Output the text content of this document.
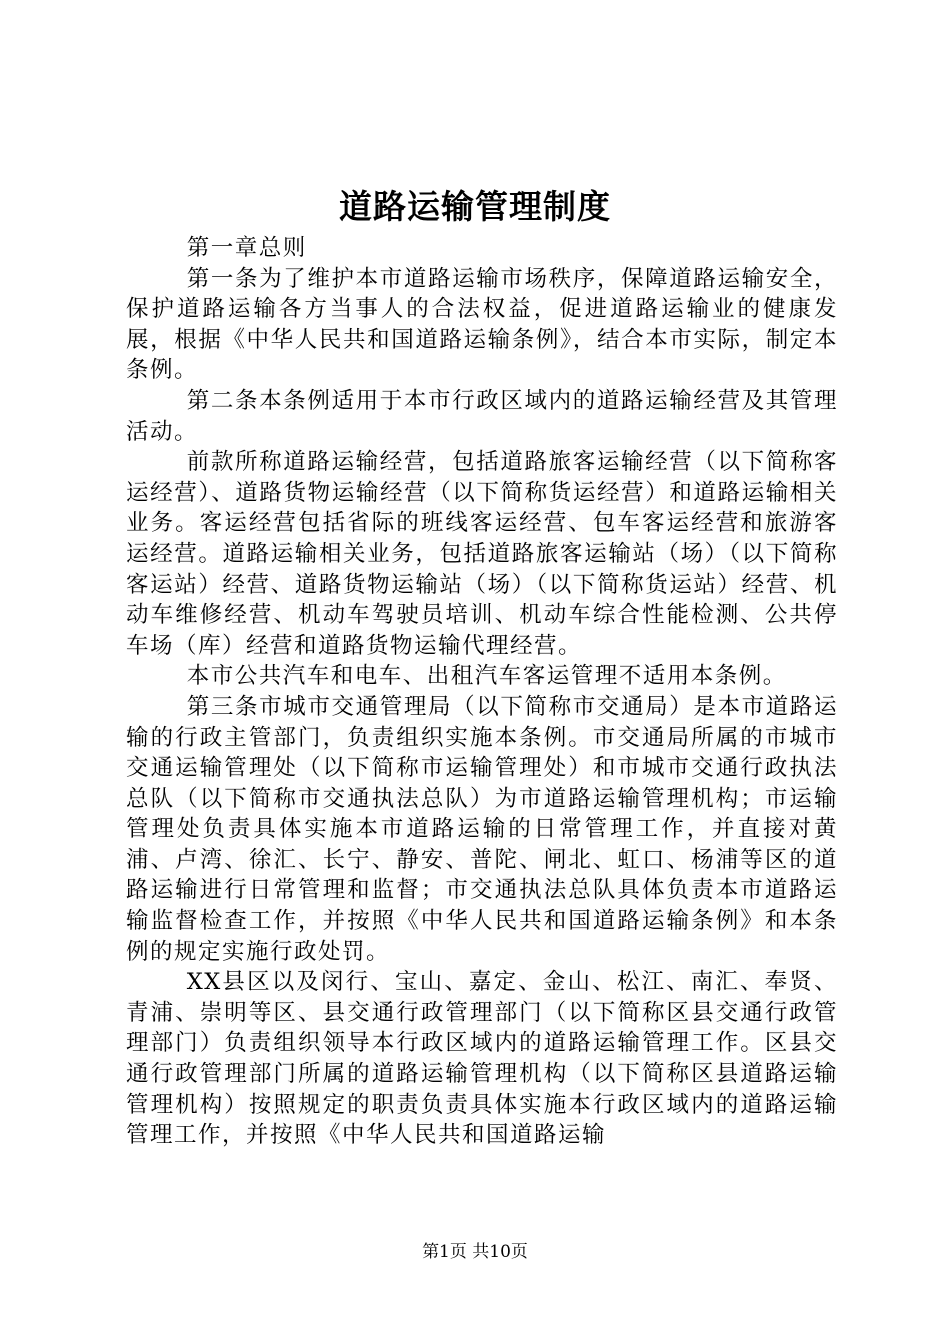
道路运输管理制度

第一章总则

第一条为了维护本市道路运输市场秩序，保障道路运输安全，保护道路运输各方当事人的合法权益，促进道路运输业的健康发展，根据《中华人民共和国道路运输条例》，结合本市实际，制定本条例。

第二条本条例适用于本市行政区域内的道路运输经营及其管理活动。

前款所称道路运输经营，包括道路旅客运输经营（以下简称客运经营）、道路货物运输经营（以下简称货运经营）和道路运输相关业务。客运经营包括省际的班线客运经营、包车客运经营和旅游客运经营。道路运输相关业务，包括道路旅客运输站（场）（以下简称客运站）经营、道路货物运输站（场）（以下简称货运站）经营、机动车维修经营、机动车驾驶员培训、机动车综合性能检测、公共停车场（库）经营和道路货物运输代理经营。

本市公共汽车和电车、出租汽车客运管理不适用本条例。

第三条市城市交通管理局（以下简称市交通局）是本市道路运输的行政主管部门，负责组织实施本条例。市交通局所属的市城市交通运输管理处（以下简称市运输管理处）和市城市交通行政执法总队（以下简称市交通执法总队）为市道路运输管理机构；市运输管理处负责具体实施本市道路运输的日常管理工作，并直接对黄浦、卢湾、徐汇、长宁、静安、普陀、闸北、虹口、杨浦等区的道路运输进行日常管理和监督；市交通执法总队具体负责本市道路运输监督检查工作，并按照《中华人民共和国道路运输条例》和本条例的规定实施行政处罚。

XX县区以及闵行、宝山、嘉定、金山、松江、南汇、奉贤、青浦、崇明等区、县交通行政管理部门（以下简称区县交通行政管理部门）负责组织领导本行政区域内的道路运输管理工作。区县交通行政管理部门所属的道路运输管理机构（以下简称区县道路运输管理机构）按照规定的职责负责具体实施本行政区域内的道路运输管理工作，并按照《中华人民共和国道路运输

第1页 共10页
